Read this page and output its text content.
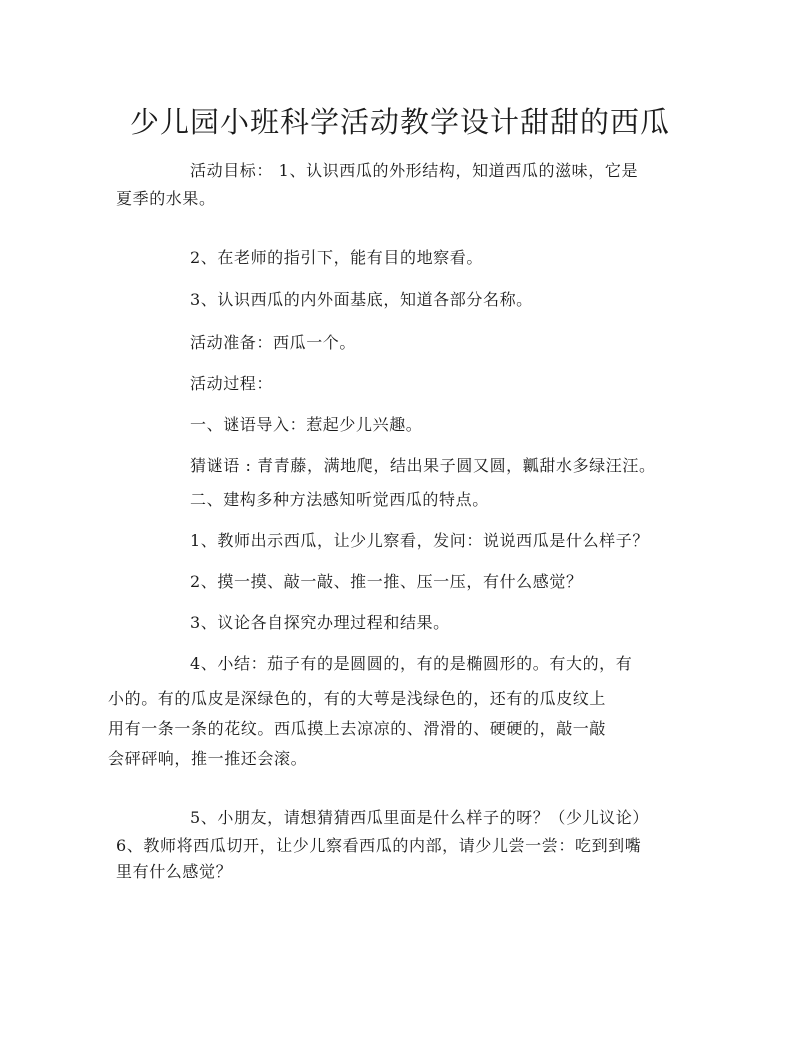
少儿园小班科学活动教学设计甜甜的西瓜
活动目标： 1、认识西瓜的外形结构，知道西瓜的滋味，它是
夏季的水果。
2、在老师的指引下，能有目的地察看。
3、认识西瓜的内外面基底，知道各部分名称。
活动准备：西瓜一个。
活动过程：
一、谜语导入：惹起少儿兴趣。
猜谜语 : 青青藤，满地爬，结出果子圆又圆，瓤甜水多绿汪汪。
二、建构多种方法感知听觉西瓜的特点。
1、教师出示西瓜，让少儿察看，发问：说说西瓜是什么样子？
2、摸一摸、敲一敲、推一推、压一压，有什么感觉？
3、议论各自探究办理过程和结果。
4、小结：茄子有的是圆圆的，有的是椭圆形的。有大的，有
小的。有的瓜皮是深绿色的，有的大萼是浅绿色的，还有的瓜皮纹上
用有一条一条的花纹。西瓜摸上去凉凉的、滑滑的、硬硬的，敲一敲
会砰砰响，推一推还会滚。
5、小朋友，请想猜猜西瓜里面是什么样子的呀？（少儿议论）
6、教师将西瓜切开，让少儿察看西瓜的内部，请少儿尝一尝：吃到到嘴
里有什么感觉？
